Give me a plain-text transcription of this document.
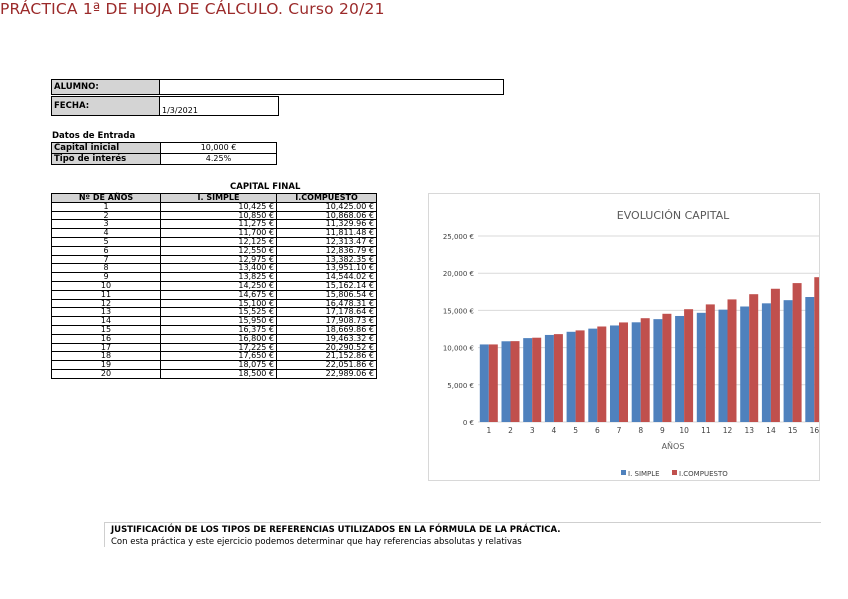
PRÁCTICA 1ª DE HOJA DE CÁLCULO. Curso 20/21
ALUMNO:
FECHA:	1/3/2021
Datos de Entrada
Capital inicial	10,000 €
Tipo de interés	4.25%
CAPITAL FINAL
Nº DE AÑOS	I. SIMPLE	I.COMPUESTO
1	10,425 €	10,425.00 €
2	10,850 €	10,868.06 €
3	11,275 €	11,329.96 €
4	11,700 €	11,811.48 €
5	12,125 €	12,313.47 €
6	12,550 €	12,836.79 €
7	12,975 €	13,382.35 €
8	13,400 €	13,951.10 €
9	13,825 €	14,544.02 €
10	14,250 €	15,162.14 €
11	14,675 €	15,806.54 €
12	15,100 €	16,478.31 €
13	15,525 €	17,178.64 €
14	15,950 €	17,908.73 €
15	16,375 €	18,669.86 €
16	16,800 €	19,463.32 €
17	17,225 €	20,290.52 €
18	17,650 €	21,152.86 €
19	18,075 €	22,051.86 €
20	18,500 €	22,989.06 €
EVOLUCIÓN CAPITAL
0 €
5,000 €
10,000 €
15,000 €
20,000 €
25,000 €
1 2 3 4 5 6 7 8 9 10 11 12 13 14 15 16
AÑOS
I. SIMPLE	I.COMPUESTO
JUSTIFICACIÓN DE LOS TIPOS DE REFERENCIAS UTILIZADOS EN LA FÓRMULA DE LA PRÁCTICA.
Con esta práctica y este ejercicio podemos determinar que hay referencias absolutas y relativas
